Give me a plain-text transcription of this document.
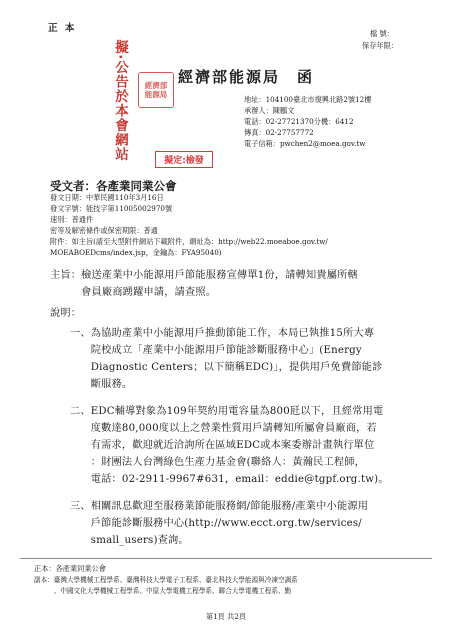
正 本	檔 號：
保存年限：
擬‧公告於本會網站 經濟部能源局
擬定:檢發
經濟部能源局　函
地址：104100臺北市復興北路2號12樓
承辦人：陳鵬文
電話：02-27721370分機：6412
傳真：02-27757772
電子信箱：pwchen2@moea.gov.tw
受文者：各產業同業公會
發文日期：中華民國110年3月16日
發文字號：能技字第11005002970號
速別：普通件
密等及解密條件或保密期限：普通
附件：如主旨(請至大型附件網站下載附件，網址為：http://web22.moeaboe.gov.tw/
MOEABOEDcms/index.jsp，金鑰為：FYA95040)
主旨：檢送產業中小能源用戶節能服務宣傳單1份，請轉知貴屬所轄
　　　會員廠商踴躍申請，請查照。
說明：
一、為協助產業中小能源用戶推動節能工作，本局已執推15所大專
　　院校成立「產業中小能源用戶節能診斷服務中心」(Energy
　　Diagnostic Centers；以下簡稱EDC)」，提供用戶免費節能診
　　斷服務。
二、EDC輔導對象為109年契約用電容量為800瓩以下，且經常用電
　　度數達80,000度以上之營業性質用戶請轉知所屬會員廠商，若
　　有需求，歡迎就近洽詢所在區域EDC或本案委辦計畫執行單位
　　：財團法人台灣綠色生產力基金會(聯絡人：黃瀚民工程師，
　　電話：02-2911-9967#631，email：eddie@tgpf.org.tw)。
三、相關訊息歡迎至服務業節能服務網/節能服務/產業中小能源用
　　戶節能診斷服務中心(http://www.ecct.org.tw/services/
　　small_users)查詢。
正本：各產業同業公會
副本：臺灣大學機械工程學系、臺灣科技大學電子工程系、臺北科技大學能源與冷凍空調系
　　　、中國文化大學機械工程學系、中原大學電機工程學系、聯合大學電機工程系、勤
第1頁 共2頁
